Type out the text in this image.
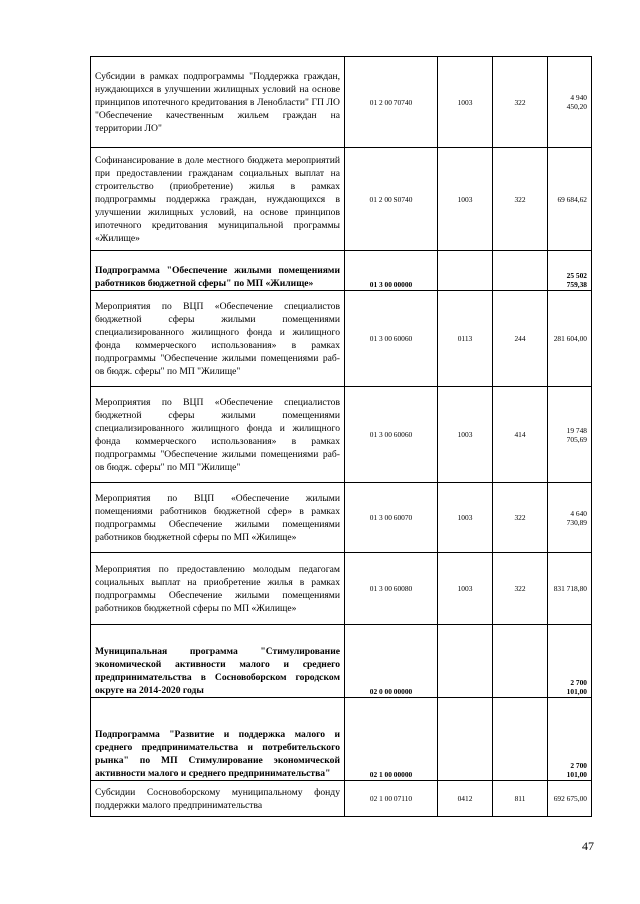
Субсидии в рамках подпрограммы "Поддержка граждан, нуждающихся в улучшении жилищных условий на основе принципов ипотечного кредитования в Ленобласти" ГП ЛО "Обеспечение качественным жильем граждан на территории ЛО"	01 2 00 70740	1003	322	4 940 450,20
Софинансирование в доле местного бюджета мероприятий при предоставлении гражданам социальных выплат на строительство (приобретение) жилья в рамках подпрограммы поддержка граждан, нуждающихся в улучшении жилищных условий, на основе принципов ипотечного кредитования муниципальной программы «Жилище»	01 2 00 S0740	1003	322	69 684,62
Подпрограмма "Обеспечение жилыми помещениями работников бюджетной сферы" по МП «Жилище»	01 3 00 00000			25 502 759,38
Мероприятия по ВЦП «Обеспечение специалистов бюджетной сферы жилыми помещениями специализированного жилищного фонда и жилищного фонда коммерческого использования» в рамках подпрограммы "Обеспечение жилыми помещениями раб-ов бюдж. сферы" по МП "Жилище"	01 3 00 60060	0113	244	281 604,00
Мероприятия по ВЦП «Обеспечение специалистов бюджетной сферы жилыми помещениями специализированного жилищного фонда и жилищного фонда коммерческого использования» в рамках подпрограммы "Обеспечение жилыми помещениями раб-ов бюдж. сферы" по МП "Жилище"	01 3 00 60060	1003	414	19 748 705,69
Мероприятия по ВЦП «Обеспечение жилыми помещениями работников бюджетной сфер» в рамках подпрограммы Обеспечение жилыми помещениями работников бюджетной сферы по МП «Жилище»	01 3 00 60070	1003	322	4 640 730,89
Мероприятия по предоставлению молодым педагогам социальных выплат на приобретение жилья в рамках подпрограммы Обеспечение жилыми помещениями работников бюджетной сферы по МП «Жилище»	01 3 00 60080	1003	322	831 718,80
Муниципальная программа "Стимулирование экономической активности малого и среднего предпринимательства в Сосновоборском городском округе на 2014-2020 годы	02 0 00 00000			2 700 101,00
Подпрограмма "Развитие и поддержка малого и среднего предпринимательства и потребительского рынка" по МП Стимулирование экономической активности малого и среднего предпринимательства"	02 1 00 00000			2 700 101,00
Субсидии Сосновоборскому муниципальному фонду поддержки малого предпринимательства	02 1 00 07110	0412	811	692 675,00
47
